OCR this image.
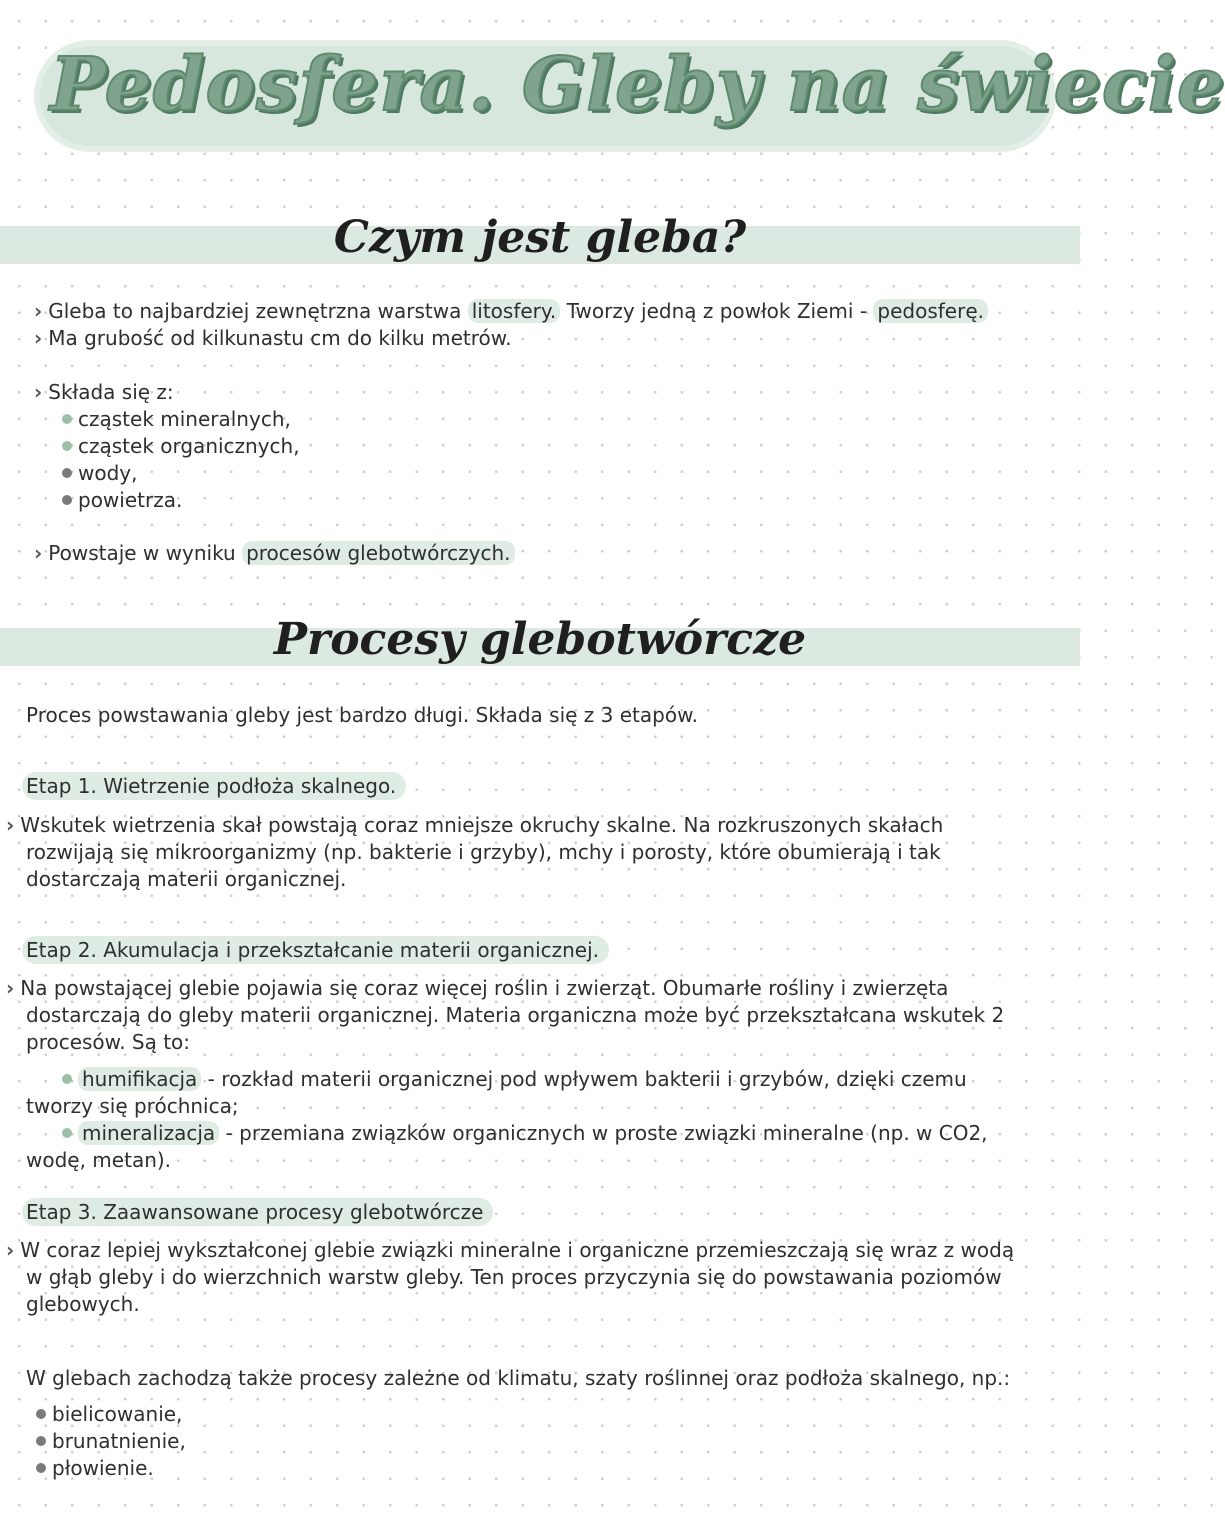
Pedosfera. Gleby na świecie
Czym jest gleba?
› Gleba to najbardziej zewnętrzna warstwa litosfery. Tworzy jedną z powłok Ziemi - pedosferę.
› Ma grubość od kilkunastu cm do kilku metrów.
› Składa się z:
cząstek mineralnych,
cząstek organicznych,
wody,
powietrza.
› Powstaje w wyniku procesów glebotwórczych.
Procesy glebotwórcze
Proces powstawania gleby jest bardzo długi. Składa się z 3 etapów.
Etap 1. Wietrzenie podłoża skalnego.
› Wskutek wietrzenia skał powstają coraz mniejsze okruchy skalne. Na rozkruszonych skałach
rozwijają się mikroorganizmy (np. bakterie i grzyby), mchy i porosty, które obumierają i tak
dostarczają materii organicznej.
Etap 2. Akumulacja i przekształcanie materii organicznej.
› Na powstającej glebie pojawia się coraz więcej roślin i zwierząt. Obumarłe rośliny i zwierzęta
dostarczają do gleby materii organicznej. Materia organiczna może być przekształcana wskutek 2
procesów. Są to:
humifikacja - rozkład materii organicznej pod wpływem bakterii i grzybów, dzięki czemu
tworzy się próchnica;
mineralizacja - przemiana związków organicznych w proste związki mineralne (np. w CO2,
wodę, metan).
Etap 3. Zaawansowane procesy glebotwórcze
› W coraz lepiej wykształconej glebie związki mineralne i organiczne przemieszczają się wraz z wodą
w głąb gleby i do wierzchnich warstw gleby. Ten proces przyczynia się do powstawania poziomów
glebowych.
W glebach zachodzą także procesy zależne od klimatu, szaty roślinnej oraz podłoża skalnego, np.:
bielicowanie,
brunatnienie,
płowienie.
